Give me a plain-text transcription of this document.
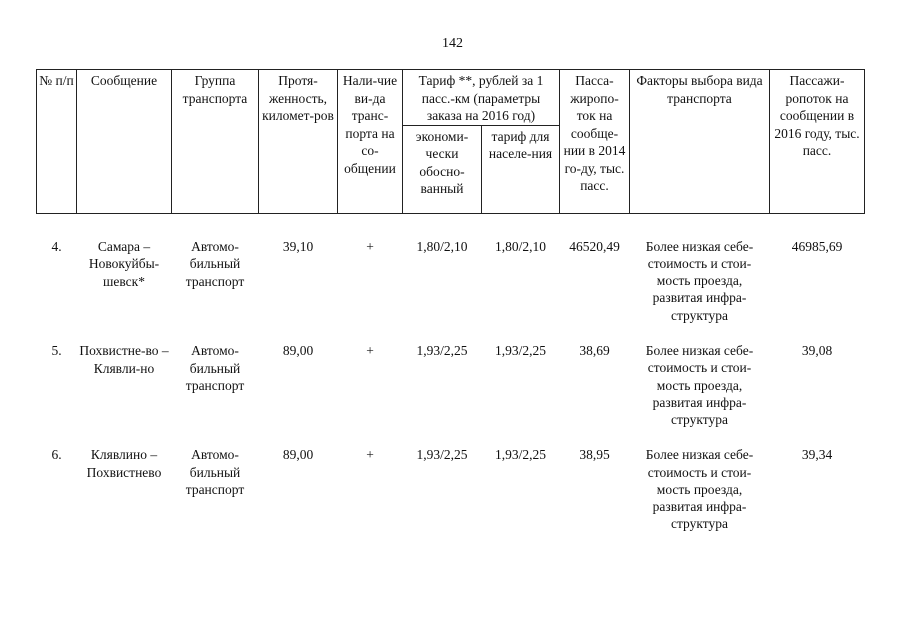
142
№ п/п	Сообщение	Группа транспорта	Протя-женность, километ-ров	Нали-чие ви-да транс-порта на со-общении	Тариф **, рублей за 1 пасс.-км (параметры заказа на 2016 год)		Пасса-жиропо-ток на сообще-нии в 2014 го-ду, тыс. пасс.	Факторы выбора вида транспорта	Пассажи-ропоток на сообщении в 2016 году, тыс. пасс.
					экономи-чески обосно-ванный	тариф для населе-ния			

4.	Самара – Новокуйбы-шевск*	Автомо-бильный транспорт	39,10	+	1,80/2,10	1,80/2,10	46520,49	Более низкая себе-стоимость и стои-мость проезда, развитая инфра-структура	46985,69

5.	Похвистне-во – Клявли-но	Автомо-бильный транспорт	89,00	+	1,93/2,25	1,93/2,25	38,69	Более низкая себе-стоимость и стои-мость проезда, развитая инфра-структура	39,08

6.	Клявлино – Похвистнево	Автомо-бильный транспорт	89,00	+	1,93/2,25	1,93/2,25	38,95	Более низкая себе-стоимость и стои-мость проезда, развитая инфра-структура	39,34
